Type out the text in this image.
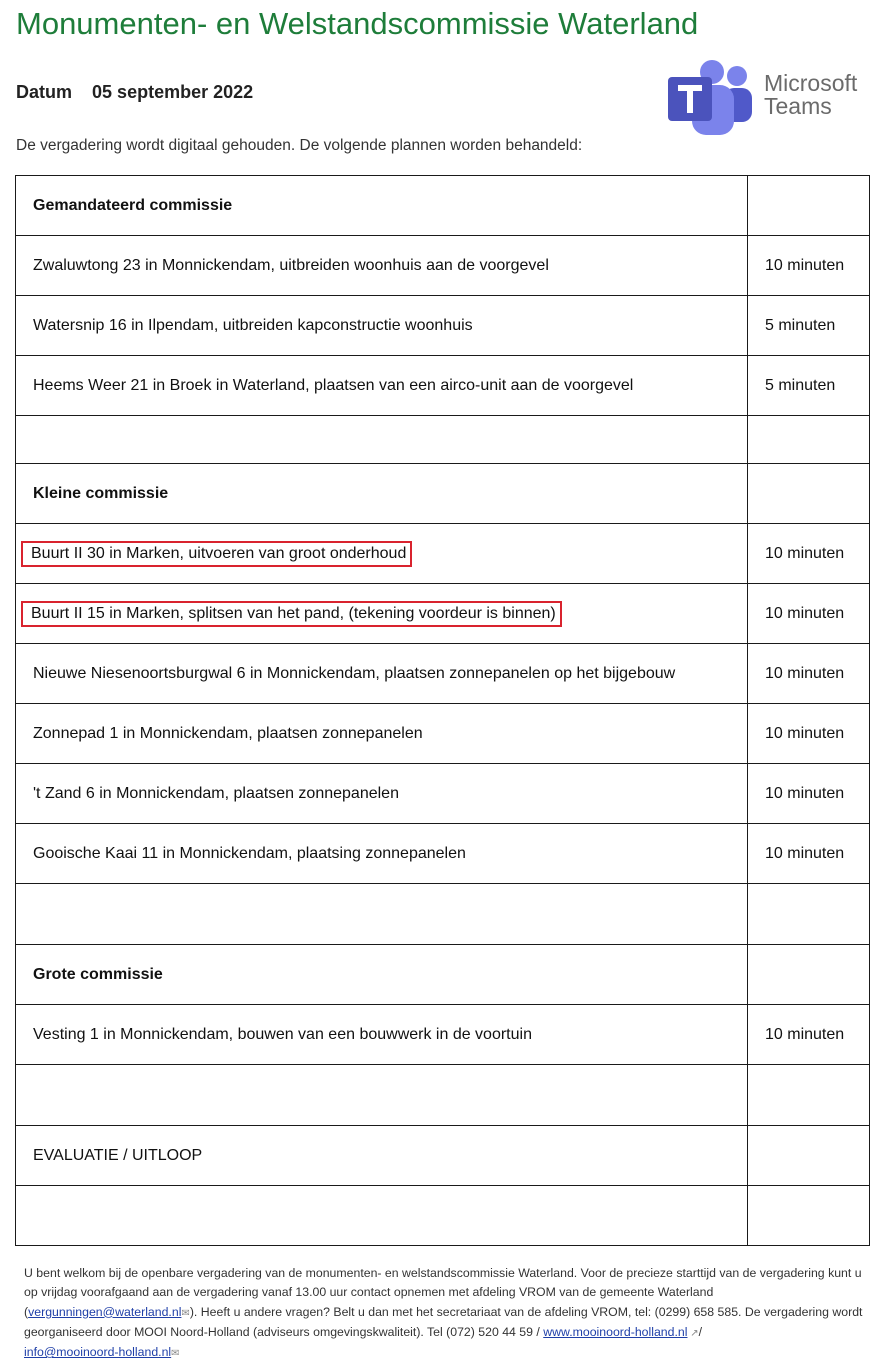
Monumenten- en Welstandscommissie Waterland
Datum 05 september 2022	Microsoft
Teams
De vergadering wordt digitaal gehouden. De volgende plannen worden behandeld:
Gemandateerd commissie	
Zwaluwtong 23 in Monnickendam, uitbreiden woonhuis aan de voorgevel	10 minuten
Watersnip 16 in Ilpendam, uitbreiden kapconstructie woonhuis	5 minuten
Heems Weer 21 in Broek in Waterland, plaatsen van een airco-unit aan de voorgevel	5 minuten

Kleine commissie	
Buurt II 30 in Marken, uitvoeren van groot onderhoud	10 minuten
Buurt II 15 in Marken, splitsen van het pand, (tekening voordeur is binnen)	10 minuten
Nieuwe Niesenoortsburgwal 6 in Monnickendam, plaatsen zonnepanelen op het bijgebouw	10 minuten
Zonnepad 1 in Monnickendam, plaatsen zonnepanelen	10 minuten
't Zand 6 in Monnickendam, plaatsen zonnepanelen	10 minuten
Gooische Kaai 11 in Monnickendam, plaatsing zonnepanelen	10 minuten

Grote commissie	
Vesting 1 in Monnickendam, bouwen van een bouwwerk in de voortuin	10 minuten

EVALUATIE / UITLOOP	

U bent welkom bij de openbare vergadering van de monumenten- en welstandscommissie Waterland. Voor de precieze starttijd van de vergadering kunt u op vrijdag voorafgaand aan de vergadering vanaf 13.00 uur contact opnemen met afdeling VROM van de gemeente Waterland (vergunningen@waterland.nl✉). Heeft u andere vragen? Belt u dan met het secretariaat van de afdeling VROM, tel: (0299) 658 585. De vergadering wordt georganiseerd door MOOI Noord-Holland (adviseurs omgevingskwaliteit). Tel (072) 520 44 59 / www.mooinoord-holland.nl ↗/
info@mooinoord-holland.nl✉
